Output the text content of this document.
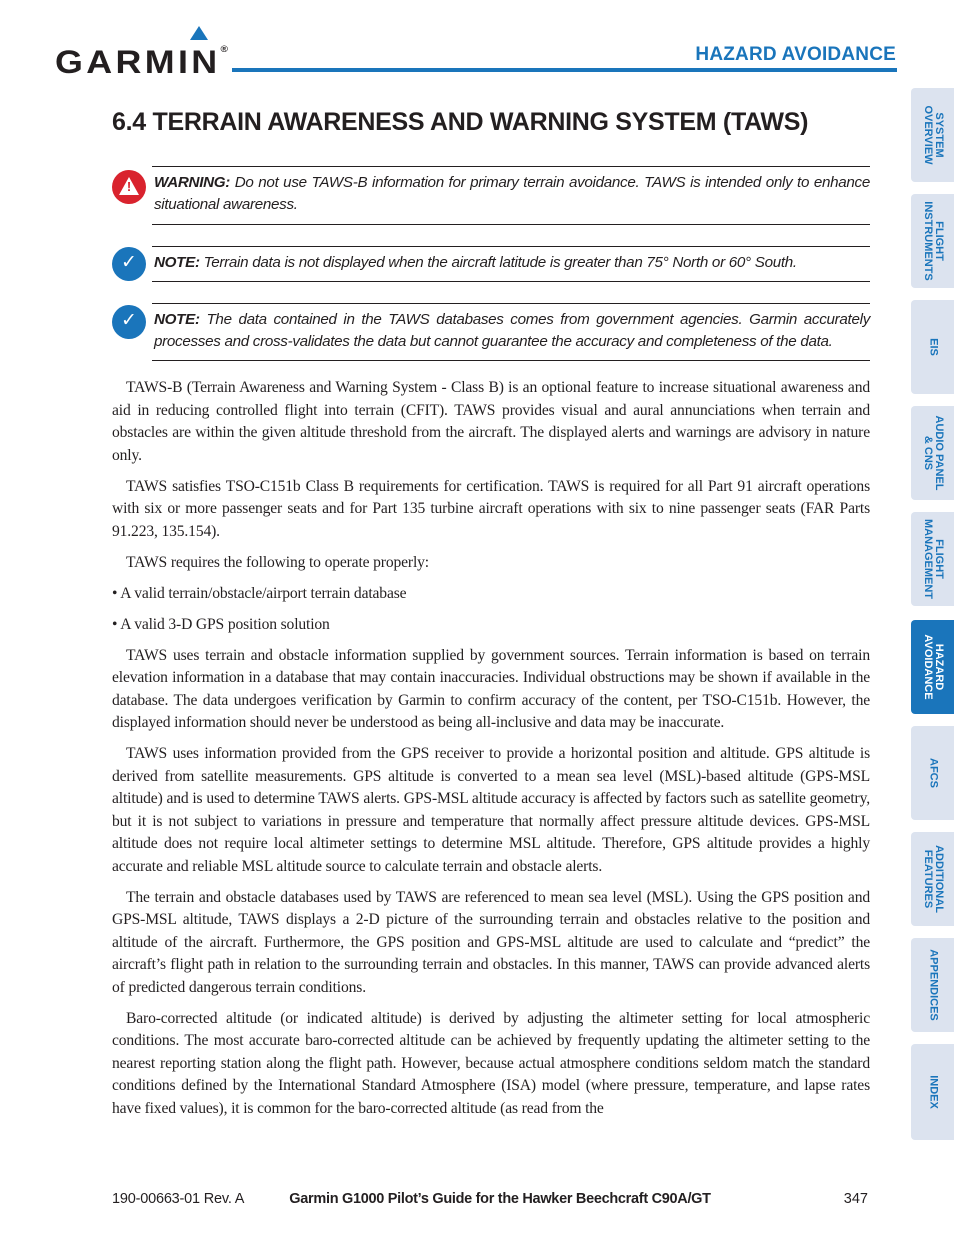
GARMIN®	HAZARD AVOIDANCE
6.4 TERRAIN AWARENESS AND WARNING SYSTEM (TAWS)
!	WARNING: Do not use TAWS-B information for primary terrain avoidance. TAWS is intended only to enhance situational awareness.
✓	NOTE: Terrain data is not displayed when the aircraft latitude is greater than 75° North or 60° South.
✓	NOTE: The data contained in the TAWS databases comes from government agencies. Garmin accurately processes and cross-validates the data but cannot guarantee the accuracy and completeness of the data.

TAWS-B (Terrain Awareness and Warning System - Class B) is an optional feature to increase situational awareness and aid in reducing controlled flight into terrain (CFIT). TAWS provides visual and aural annunciations when terrain and obstacles are within the given altitude threshold from the aircraft. The displayed alerts and warnings are advisory in nature only.

TAWS satisfies TSO-C151b Class B requirements for certification. TAWS is required for all Part 91 aircraft operations with six or more passenger seats and for Part 135 turbine aircraft operations with six to nine passenger seats (FAR Parts 91.223, 135.154).

TAWS requires the following to operate properly:

• A valid terrain/obstacle/airport terrain database

• A valid 3-D GPS position solution

TAWS uses terrain and obstacle information supplied by government sources. Terrain information is based on terrain elevation information in a database that may contain inaccuracies. Individual obstructions may be shown if available in the database. The data undergoes verification by Garmin to confirm accuracy of the content, per TSO-C151b. However, the displayed information should never be understood as being all-inclusive and data may be inaccurate.

TAWS uses information provided from the GPS receiver to provide a horizontal position and altitude. GPS altitude is derived from satellite measurements. GPS altitude is converted to a mean sea level (MSL)-based altitude (GPS-MSL altitude) and is used to determine TAWS alerts. GPS-MSL altitude accuracy is affected by factors such as satellite geometry, but it is not subject to variations in pressure and temperature that normally affect pressure altitude devices. GPS-MSL altitude does not require local altimeter settings to determine MSL altitude. Therefore, GPS altitude provides a highly accurate and reliable MSL altitude source to calculate terrain and obstacle alerts.

The terrain and obstacle databases used by TAWS are referenced to mean sea level (MSL). Using the GPS position and GPS-MSL altitude, TAWS displays a 2-D picture of the surrounding terrain and obstacles relative to the position and altitude of the aircraft. Furthermore, the GPS position and GPS-MSL altitude are used to calculate and “predict” the aircraft’s flight path in relation to the surrounding terrain and obstacles. In this manner, TAWS can provide advanced alerts of predicted dangerous terrain conditions.

Baro-corrected altitude (or indicated altitude) is derived by adjusting the altimeter setting for local atmospheric conditions. The most accurate baro-corrected altitude can be achieved by frequently updating the altimeter setting to the nearest reporting station along the flight path. However, because actual atmosphere conditions seldom match the standard conditions defined by the International Standard Atmosphere (ISA) model (where pressure, temperature, and lapse rates have fixed values), it is common for the baro-corrected altitude (as read from the

SYSTEM
OVERVIEW
FLIGHT
INSTRUMENTS
EIS
AUDIO PANEL
& CNS
FLIGHT
MANAGEMENT
HAZARD
AVOIDANCE
AFCS
ADDITIONAL
FEATURES
APPENDICES
INDEX
190-00663-01 Rev. A	Garmin G1000 Pilot’s Guide for the Hawker Beechcraft C90A/GT	347
